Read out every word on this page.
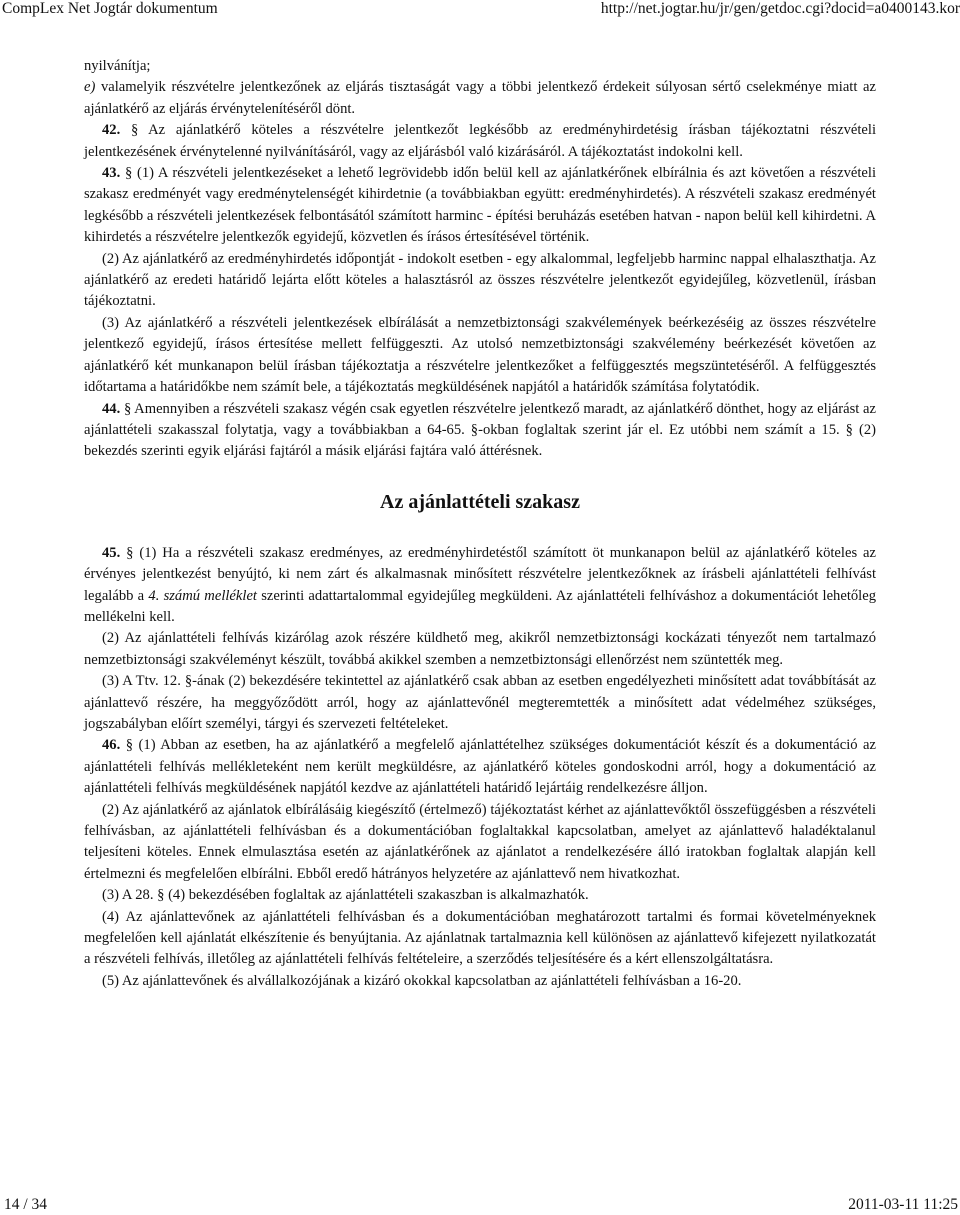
CompLex Net Jogtár dokumentum	http://net.jogtar.hu/jr/gen/getdoc.cgi?docid=a0400143.kor

nyilvánítja;

e) valamelyik részvételre jelentkezőnek az eljárás tisztaságát vagy a többi jelentkező érdekeit súlyosan sértő cselekménye miatt az ajánlatkérő az eljárás érvénytelenítéséről dönt.

42. § Az ajánlatkérő köteles a részvételre jelentkezőt legkésőbb az eredményhirdetésig írásban tájékoztatni részvételi jelentkezésének érvénytelenné nyilvánításáról, vagy az eljárásból való kizárásáról. A tájékoztatást indokolni kell.

43. § (1) A részvételi jelentkezéseket a lehető legrövidebb időn belül kell az ajánlatkérőnek elbírálnia és azt követően a részvételi szakasz eredményét vagy eredménytelenségét kihirdetnie (a továbbiakban együtt: eredményhirdetés). A részvételi szakasz eredményét legkésőbb a részvételi jelentkezések felbontásától számított harminc - építési beruházás esetében hatvan - napon belül kell kihirdetni. A kihirdetés a részvételre jelentkezők egyidejű, közvetlen és írásos értesítésével történik.

(2) Az ajánlatkérő az eredményhirdetés időpontját - indokolt esetben - egy alkalommal, legfeljebb harminc nappal elhalaszthatja. Az ajánlatkérő az eredeti határidő lejárta előtt köteles a halasztásról az összes részvételre jelentkezőt egyidejűleg, közvetlenül, írásban tájékoztatni.

(3) Az ajánlatkérő a részvételi jelentkezések elbírálását a nemzetbiztonsági szakvélemények beérkezéséig az összes részvételre jelentkező egyidejű, írásos értesítése mellett felfüggeszti. Az utolsó nemzetbiztonsági szakvélemény beérkezését követően az ajánlatkérő két munkanapon belül írásban tájékoztatja a részvételre jelentkezőket a felfüggesztés megszüntetéséről. A felfüggesztés időtartama a határidőkbe nem számít bele, a tájékoztatás megküldésének napjától a határidők számítása folytatódik.

44. § Amennyiben a részvételi szakasz végén csak egyetlen részvételre jelentkező maradt, az ajánlatkérő dönthet, hogy az eljárást az ajánlattételi szakasszal folytatja, vagy a továbbiakban a 64-65. §-okban foglaltak szerint jár el. Ez utóbbi nem számít a 15. § (2) bekezdés szerinti egyik eljárási fajtáról a másik eljárási fajtára való áttérésnek.

Az ajánlattételi szakasz

45. § (1) Ha a részvételi szakasz eredményes, az eredményhirdetéstől számított öt munkanapon belül az ajánlatkérő köteles az érvényes jelentkezést benyújtó, ki nem zárt és alkalmasnak minősített részvételre jelentkezőknek az írásbeli ajánlattételi felhívást legalább a 4. számú melléklet szerinti adattartalommal egyidejűleg megküldeni. Az ajánlattételi felhíváshoz a dokumentációt lehetőleg mellékelni kell.

(2) Az ajánlattételi felhívás kizárólag azok részére küldhető meg, akikről nemzetbiztonsági kockázati tényezőt nem tartalmazó nemzetbiztonsági szakvéleményt készült, továbbá akikkel szemben a nemzetbiztonsági ellenőrzést nem szüntették meg.

(3) A Ttv. 12. §-ának (2) bekezdésére tekintettel az ajánlatkérő csak abban az esetben engedélyezheti minősített adat továbbítását az ajánlattevő részére, ha meggyőződött arról, hogy az ajánlattevőnél megteremtették a minősített adat védelméhez szükséges, jogszabályban előírt személyi, tárgyi és szervezeti feltételeket.

46. § (1) Abban az esetben, ha az ajánlatkérő a megfelelő ajánlattételhez szükséges dokumentációt készít és a dokumentáció az ajánlattételi felhívás mellékleteként nem került megküldésre, az ajánlatkérő köteles gondoskodni arról, hogy a dokumentáció az ajánlattételi felhívás megküldésének napjától kezdve az ajánlattételi határidő lejártáig rendelkezésre álljon.

(2) Az ajánlatkérő az ajánlatok elbírálásáig kiegészítő (értelmező) tájékoztatást kérhet az ajánlattevőktől összefüggésben a részvételi felhívásban, az ajánlattételi felhívásban és a dokumentációban foglaltakkal kapcsolatban, amelyet az ajánlattevő haladéktalanul teljesíteni köteles. Ennek elmulasztása esetén az ajánlatkérőnek az ajánlatot a rendelkezésére álló iratokban foglaltak alapján kell értelmezni és megfelelően elbírálni. Ebből eredő hátrányos helyzetére az ajánlattevő nem hivatkozhat.

(3) A 28. § (4) bekezdésében foglaltak az ajánlattételi szakaszban is alkalmazhatók.

(4) Az ajánlattevőnek az ajánlattételi felhívásban és a dokumentációban meghatározott tartalmi és formai követelményeknek megfelelően kell ajánlatát elkészítenie és benyújtania. Az ajánlatnak tartalmaznia kell különösen az ajánlattevő kifejezett nyilatkozatát a részvételi felhívás, illetőleg az ajánlattételi felhívás feltételeire, a szerződés teljesítésére és a kért ellenszolgáltatásra.

(5) Az ajánlattevőnek és alvállalkozójának a kizáró okokkal kapcsolatban az ajánlattételi felhívásban a 16-20.

14 / 34	2011-03-11 11:25
